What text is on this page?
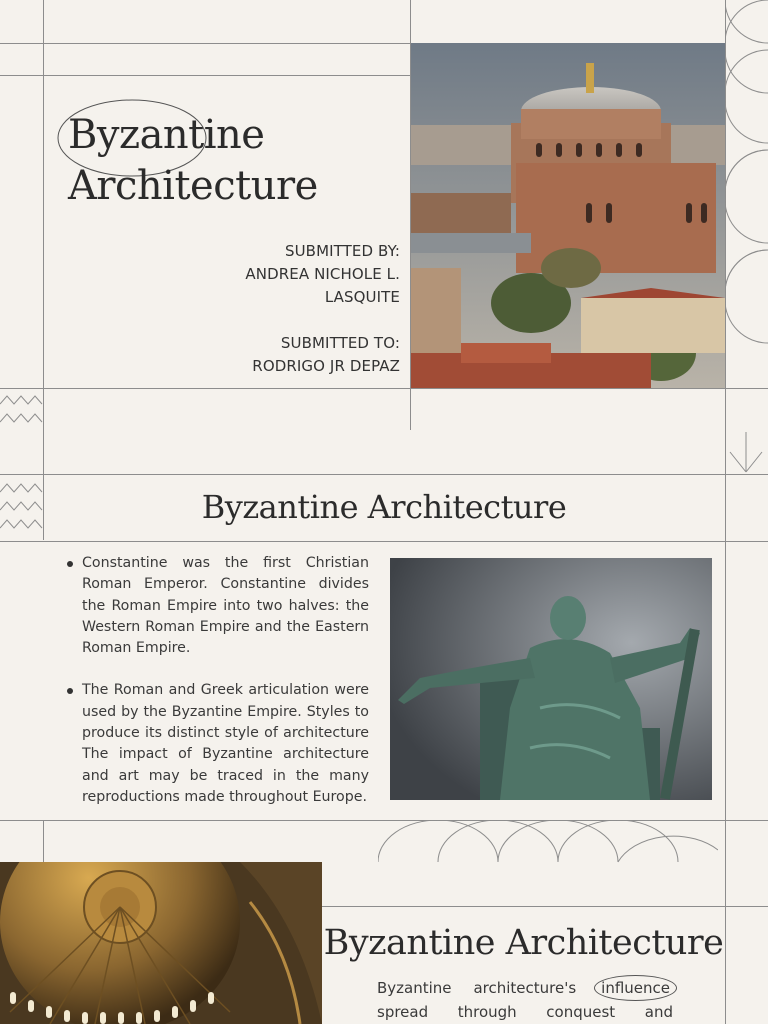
Byzantine
Architecture
SUBMITTED BY:
ANDREA NICHOLE L.
LASQUITE
SUBMITTED TO:
RODRIGO JR DEPAZ
Byzantine Architecture
Constantine was the first Christian Roman Emperor. Constantine divides the Roman Empire into two halves: the Western Roman Empire and the Eastern Roman Empire.
The Roman and Greek articulation were used by the Byzantine Empire. Styles to produce its distinct style of architecture The impact of Byzantine architecture and art may be traced in the many reproductions made throughout Europe.
Byzantine Architecture
Byzantine architecture's influence spread through conquest and
